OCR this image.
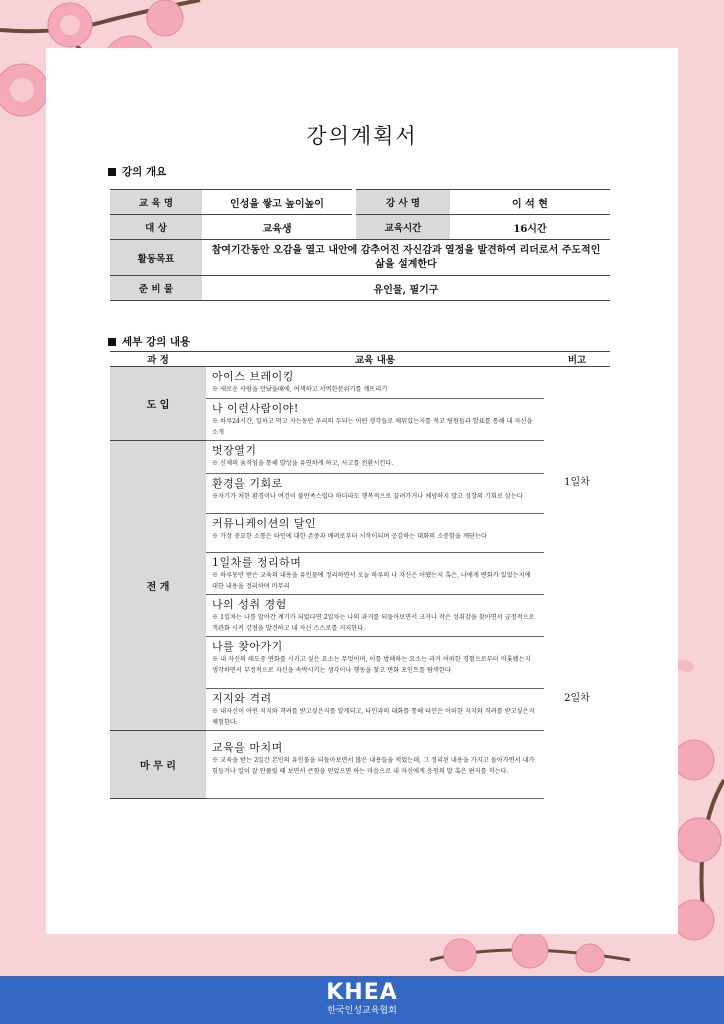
강의계획서
강의 개요
교 육 명	인성을 쌓고 높이높이		강 사 명	이 석 현
대 상	교육생		교육시간	16시간
활동목표	참여기간동안 오감을 열고 내안에 감추어진 자신감과 열정을 발견하여 리더로서 주도적인 삶을 설계한다			
준 비 물	유인물, 필기구			
세부 강의 내용
과 정	교육 내용	비고
도 입	아이스 브레이킹
※ 새로운 사람을 만났을때에, 어색하고 서먹한분위기를 깨뜨리기	1일차

	나 이런사람이야!
※ 하루24시간, 일하고 먹고 자는동안 우리의 두되는 어떤 생각들로 채워있는지를 적고 팀원들과 발표를 통해 내 자신을 소개	

전 개	벗장열기
※ 신체의 움직임을 통해 발상을 유연하게 하고, 사고를 전환시킨다.	

	환경을 기회로
※자기가 처한 환경이나 여건이 불만족스럽다 하더라도 행복적으로 끌려가거나 체념하지 말고 성장의 기회로 삼는다	

	커뮤니케이션의 달인
※ 가장 중요한 소통은 타인에 대한 존중과 배려로부터 시작이되며 공감하는 대화의 소중함을 깨닫는다	

	1일차를 정리하며
※ 하루동안 받은 교육의 내용을 유인물에 정리하면서 오늘 하루의 나 자신은 어땠는지 혹은, 나에게 변화가 있었는지에 대한 내용을 정리하며 마무리	

	나의 성취 경험
※ 1일차는 나를 알아간 계기가 되었다면 2일차는 나의 과거를 되돌아보면서 크거나 작은 성취감을 찾아면서 긍정적으로 객관화 시켜 강점을 발견하고 내 자신 스스로를 지지한다.	2일차

	나를 찾아가기
※ 내 자신의 태도중 변화를 시키고 싶은 요소는 무엇이며, 이를 방해하는 요소는 과거 어떠한 경험으로부터 비롯됐는지 생각하면서 부정적으로 자신을 속박시키는 생각이나 행동을 찾고 변화 포인트를 탐색한다	

	지지와 격려
※ 내자신이 어떤 지지와 격려를 받고싶은지를 알게되고, 타인과의 대화를 통해 타인은 어떠한 지지와 격려를 받고싶은지 체험한다.	

마 무 리	교육을 마치며
※ 교육을 받는 2일간 본인의 유인물을 되돌아보면서 많은 내용들을 적었는데, 그 정리된 내용을 가지고 돌아가면서 내가 힘들거나 일이 잘 안풀릴 때 보면서 큰힘을 얻었으면 하는 마음으로 내 자신에게 응원의 말 혹은 편지를 적는다.	
KHEA
한국인성교육협회
